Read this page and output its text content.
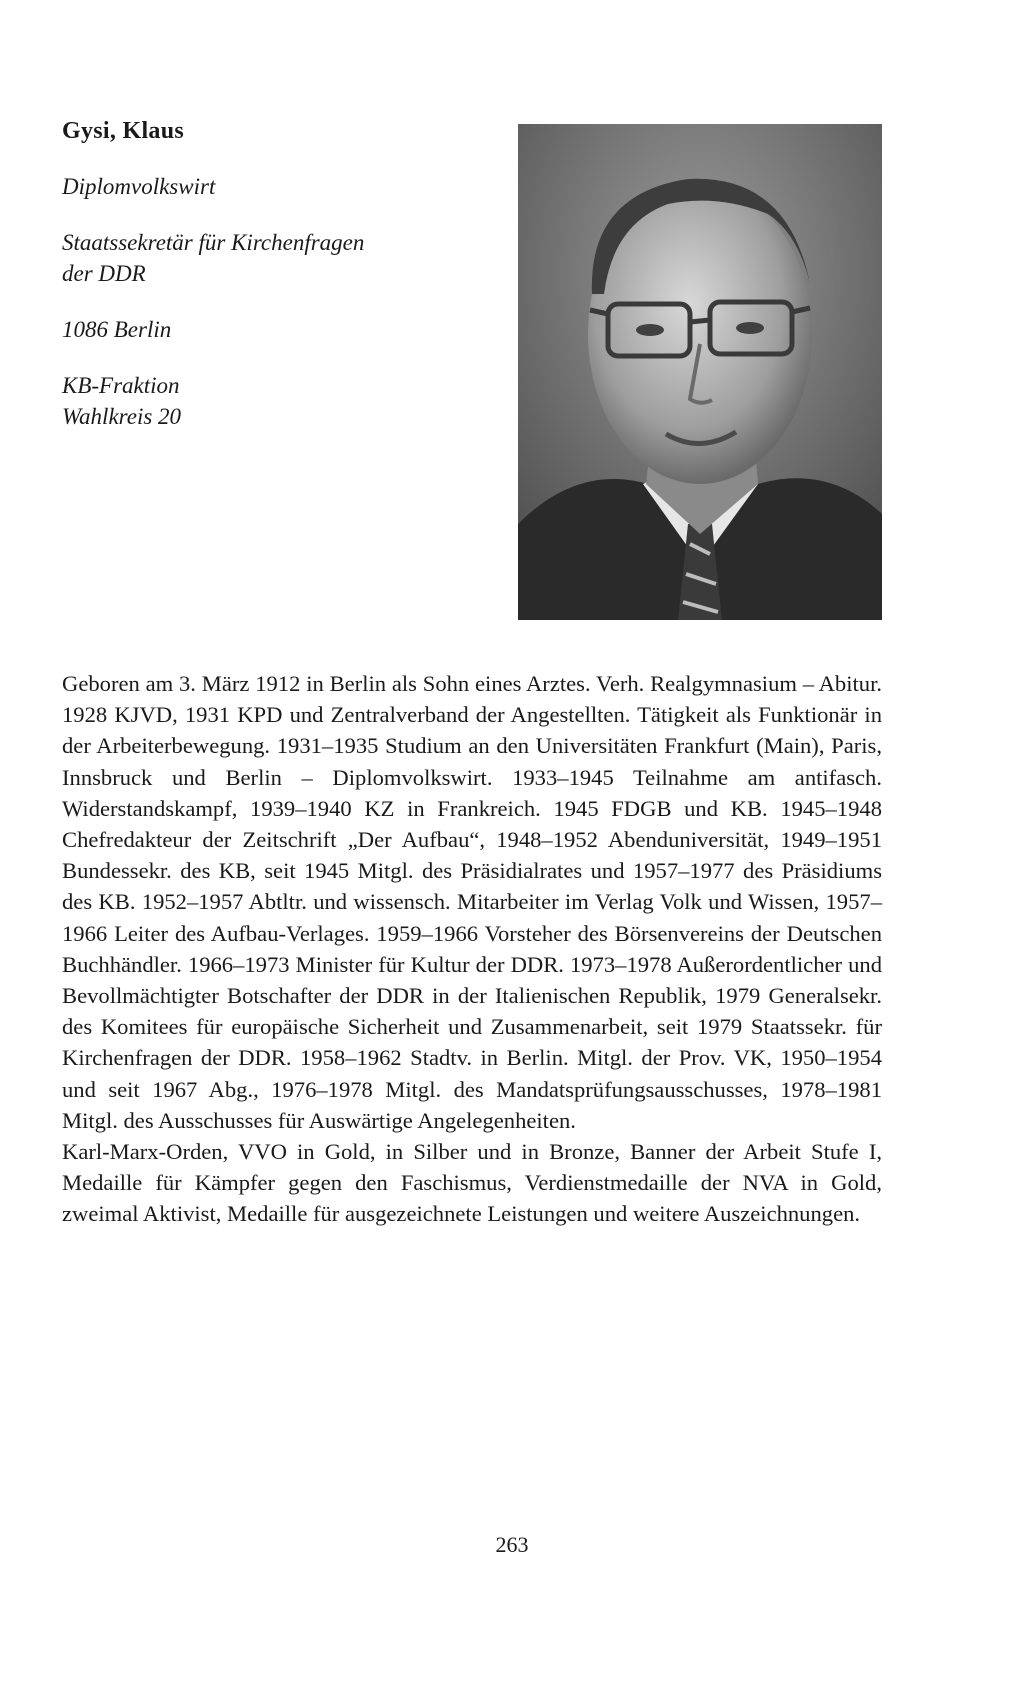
Gysi, Klaus

Diplomvolkswirt

Staatssekretär für Kirchenfragen

der DDR

1086 Berlin

KB-Fraktion

Wahlkreis 20

Geboren am 3. März 1912 in Berlin als Sohn eines Arztes. Verh. Realgymnasium – Abitur. 1928 KJVD, 1931 KPD und Zentralverband der Angestellten. Tätigkeit als Funktionär in der Arbeiterbewegung. 1931–1935 Studium an den Universitäten Frankfurt (Main), Paris, Innsbruck und Berlin – Diplomvolkswirt. 1933–1945 Teilnahme am antifasch. Widerstandskampf, 1939–1940 KZ in Frankreich. 1945 FDGB und KB. 1945–1948 Chefredakteur der Zeitschrift „Der Aufbau“, 1948–1952 Abenduniversität, 1949–1951 Bundessekr. des KB, seit 1945 Mitgl. des Präsidialrates und 1957–1977 des Präsidiums des KB. 1952–1957 Abtltr. und wissensch. Mitarbeiter im Verlag Volk und Wissen, 1957–1966 Leiter des Aufbau-Verlages. 1959–1966 Vorsteher des Börsenvereins der Deutschen Buchhändler. 1966–1973 Minister für Kultur der DDR. 1973–1978 Außerordentlicher und Bevollmächtigter Botschafter der DDR in der Italienischen Republik, 1979 Generalsekr. des Komitees für europäische Sicherheit und Zusammenarbeit, seit 1979 Staatssekr. für Kirchenfragen der DDR. 1958–1962 Stadtv. in Berlin. Mitgl. der Prov. VK, 1950–1954 und seit 1967 Abg., 1976–1978 Mitgl. des Mandatsprüfungsausschusses, 1978–1981 Mitgl. des Ausschusses für Auswärtige Angelegenheiten.

Karl-Marx-Orden, VVO in Gold, in Silber und in Bronze, Banner der Arbeit Stufe I, Medaille für Kämpfer gegen den Faschismus, Verdienstmedaille der NVA in Gold, zweimal Aktivist, Medaille für ausgezeichnete Leistungen und weitere Auszeichnungen.

263
